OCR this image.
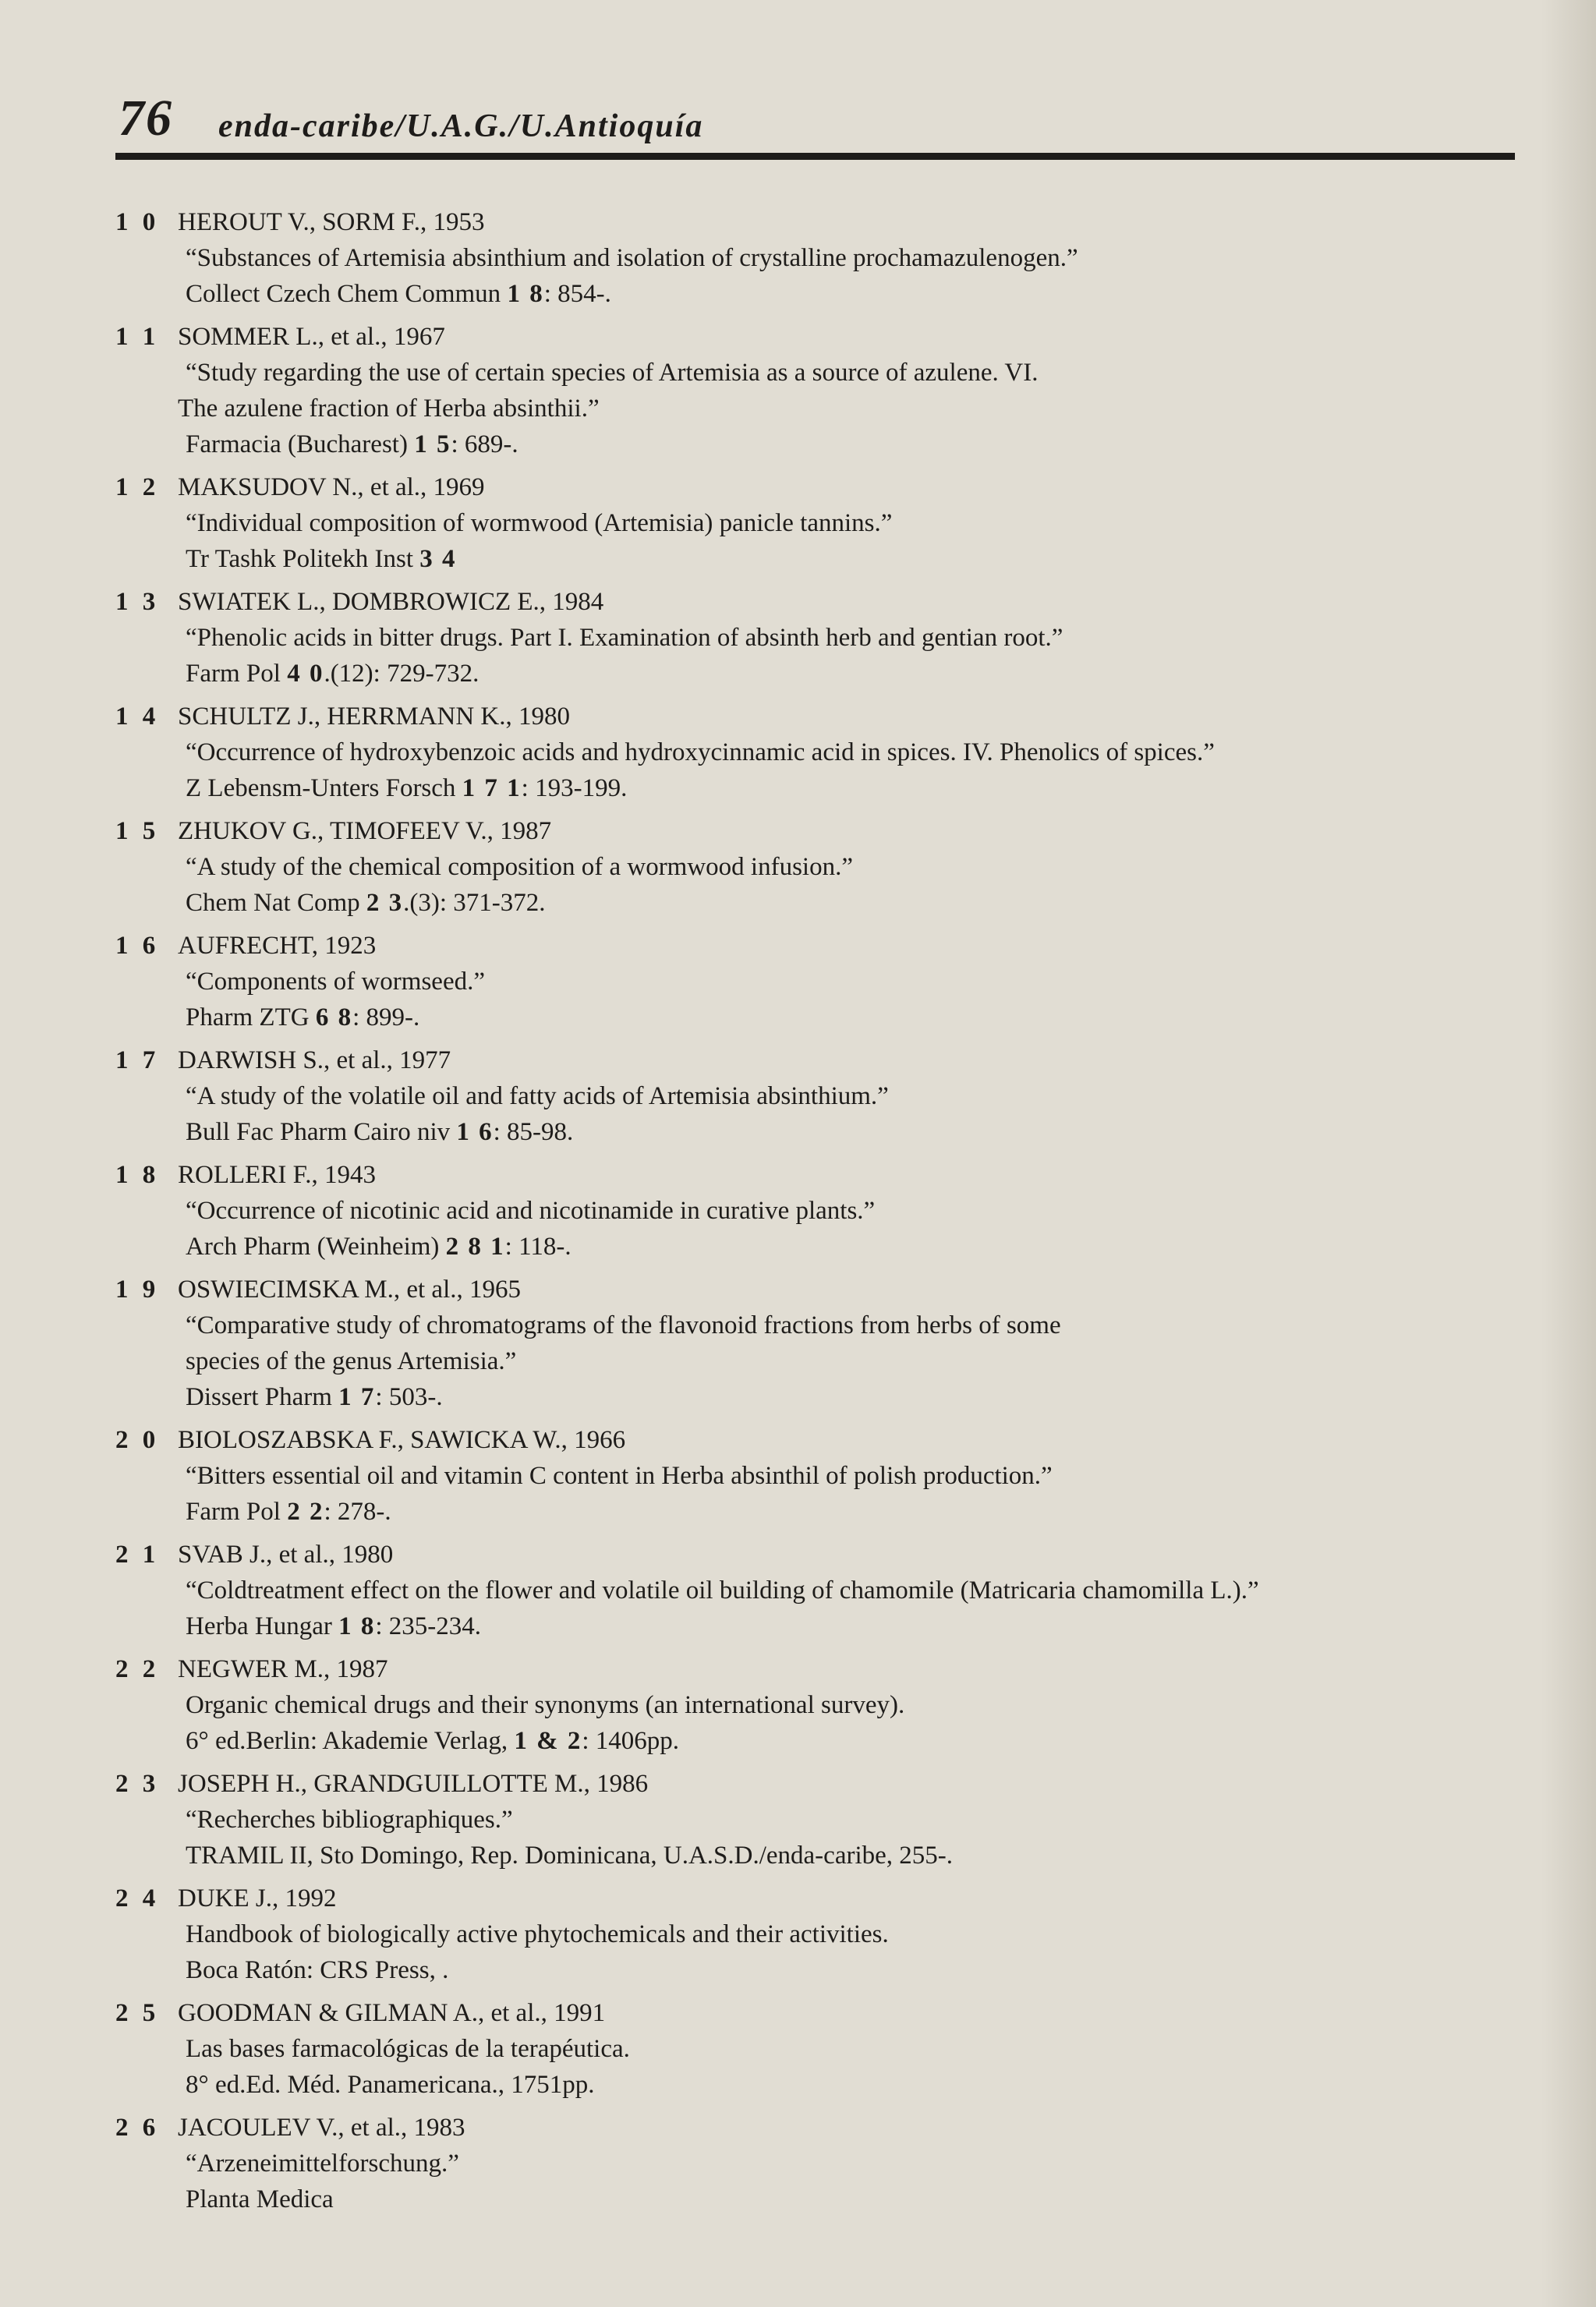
76 enda-caribe/U.A.G./U.Antioquía
1 0 HEROUT V., SORM F., 1953
“Substances of Artemisia absinthium and isolation of crystalline prochamazulenogen.”
Collect Czech Chem Commun 1 8: 854-.
1 1 SOMMER L., et al., 1967
“Study regarding the use of certain species of Artemisia as a source of azulene. VI.
The azulene fraction of Herba absinthii.”
Farmacia (Bucharest) 1 5: 689-.
1 2 MAKSUDOV N., et al., 1969
“Individual composition of wormwood (Artemisia) panicle tannins.”
Tr Tashk Politekh Inst 3 4
1 3 SWIATEK L., DOMBROWICZ E., 1984
“Phenolic acids in bitter drugs. Part I. Examination of absinth herb and gentian root.”
Farm Pol 4 0.(12): 729-732.
1 4 SCHULTZ J., HERRMANN K., 1980
“Occurrence of hydroxybenzoic acids and hydroxycinnamic acid in spices. IV. Phenolics of spices.”
Z Lebensm-Unters Forsch 1 7 1: 193-199.
1 5 ZHUKOV G., TIMOFEEV V., 1987
“A study of the chemical composition of a wormwood infusion.”
Chem Nat Comp 2 3.(3): 371-372.
1 6 AUFRECHT, 1923
“Components of wormseed.”
Pharm ZTG 6 8: 899-.
1 7 DARWISH S., et al., 1977
“A study of the volatile oil and fatty acids of Artemisia absinthium.”
Bull Fac Pharm Cairo niv 1 6: 85-98.
1 8 ROLLERI F., 1943
“Occurrence of nicotinic acid and nicotinamide in curative plants.”
Arch Pharm (Weinheim) 2 8 1: 118-.
1 9 OSWIECIMSKA M., et al., 1965
“Comparative study of chromatograms of the flavonoid fractions from herbs of some
species of the genus Artemisia.”
Dissert Pharm 1 7: 503-.
2 0 BIOLOSZABSKA F., SAWICKA W., 1966
“Bitters essential oil and vitamin C content in Herba absinthil of polish production.”
Farm Pol 2 2: 278-.
2 1 SVAB J., et al., 1980
“Coldtreatment effect on the flower and volatile oil building of chamomile (Matricaria chamomilla L.).”
Herba Hungar 1 8: 235-234.
2 2 NEGWER M., 1987
Organic chemical drugs and their synonyms (an international survey).
6° ed.Berlin: Akademie Verlag, 1 & 2: 1406pp.
2 3 JOSEPH H., GRANDGUILLOTTE M., 1986
“Recherches bibliographiques.”
TRAMIL II, Sto Domingo, Rep. Dominicana, U.A.S.D./enda-caribe, 255-.
2 4 DUKE J., 1992
Handbook of biologically active phytochemicals and their activities.
Boca Ratón: CRS Press, .
2 5 GOODMAN & GILMAN A., et al., 1991
Las bases farmacológicas de la terapéutica.
8° ed.Ed. Méd. Panamericana., 1751pp.
2 6 JACOULEV V., et al., 1983
“Arzeneimittelforschung.”
Planta Medica
